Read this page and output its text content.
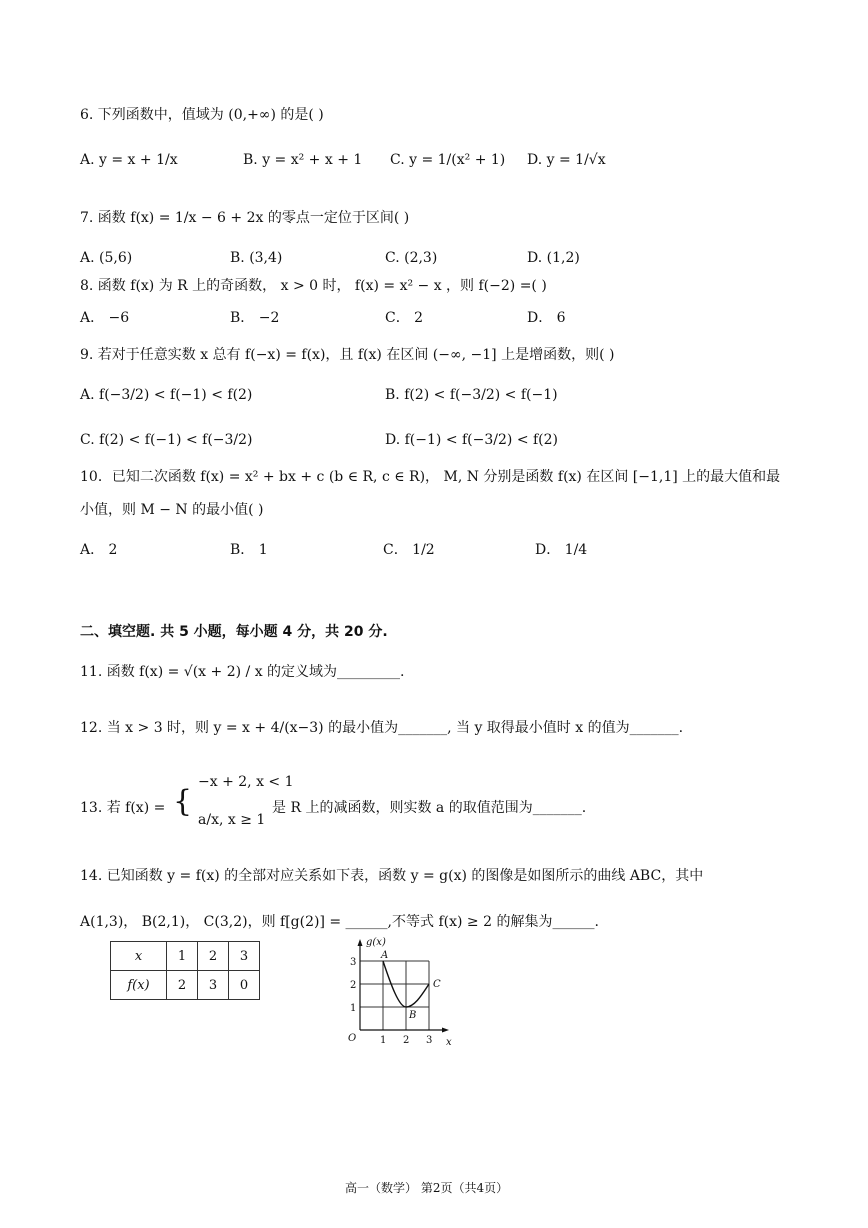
6. 下列函数中，值域为 (0,+∞) 的是( )
A. y = x + 1/x	B. y = x² + x + 1 C. y = 1/(x² + 1) D. y = 1/√x
7. 函数 f(x) = 1/x − 6 + 2x 的零点一定位于区间( )
A. (5,6)	B. (3,4)	C. (2,3)	D. (1,2)
8. 函数 f(x) 为 R 上的奇函数， x > 0 时， f(x) = x² − x ，则 f(−2) =( )
A． −6	B． −2	C． 2	D． 6
9. 若对于任意实数 x 总有 f(−x) = f(x)，且 f(x) 在区间 (−∞, −1] 上是增函数，则( )
A. f(−3/2) < f(−1) < f(2)	B. f(2) < f(−3/2) < f(−1)
C. f(2) < f(−1) < f(−3/2)	D. f(−1) < f(−3/2) < f(2)
10．已知二次函数 f(x) = x² + bx + c (b ∈ R, c ∈ R)， M, N 分别是函数 f(x) 在区间 [−1,1] 上的最大值和最
小值，则 M − N 的最小值( )
A． 2	B． 1	C． 1/2	D． 1/4
二、填空题. 共 5 小题，每小题 4 分，共 20 分.
11. 函数 f(x) = √(x + 2) / x 的定义域为_________.
12. 当 x > 3 时，则 y = x + 4/(x−3) 的最小值为_______, 当 y 取得最小值时 x 的值为_______.
13. 若 f(x) = {
−x + 2, x < 1
a/x, x ≥ 1
是 R 上的减函数，则实数 a 的取值范围为_______.
14. 已知函数 y = f(x) 的全部对应关系如下表，函数 y = g(x) 的图像是如图所示的曲线 ABC，其中
A(1,3)， B(2,1)， C(3,2)，则 f[g(2)] = ______,不等式 f(x) ≥ 2 的解集为______.
x	1	2	3
f(x)	2	3	0
g(x)
x
O 1 2 3
1
2
3
A
B
C
高一（数学） 第2页（共4页）
